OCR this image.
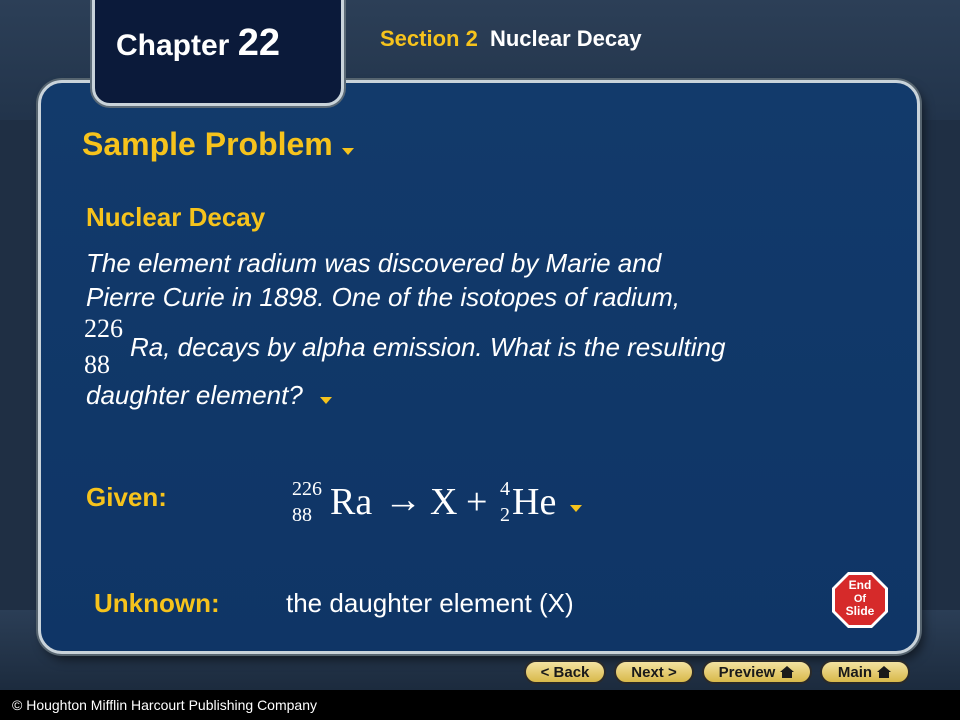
Chapter 22	Section 2 Nuclear Decay
Sample Problem
Nuclear Decay
The element radium was discovered by Marie and
Pierre Curie in 1898. One of the isotopes of radium,
Ra, decays by alpha emission. What is the resulting
daughter element?
226
88
Given:	226
88 Ra → X + 4
2 He
Unknown:	the daughter element (X)
End
Of
Slide
< Back	Next >	Preview	Main
© Houghton Mifflin Harcourt Publishing Company
